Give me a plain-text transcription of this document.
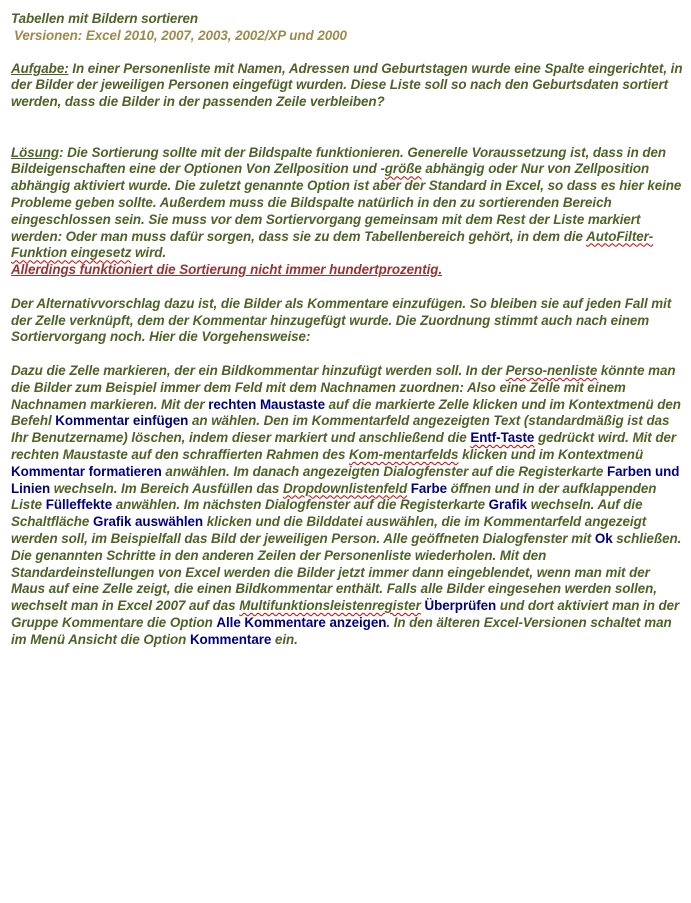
Tabellen mit Bildern sortieren
Versionen: Excel 2010, 2007, 2003, 2002/XP und 2000

Aufgabe: In einer Personenliste mit Namen, Adressen und Geburtstagen wurde eine Spalte eingerichtet, in der Bilder der jeweiligen Personen eingefügt wurden. Diese Liste soll so nach den Geburtsdaten sortiert werden, dass die Bilder in der passenden Zeile verbleiben?

Lösung: Die Sortierung sollte mit der Bildspalte funktionieren. Generelle Voraussetzung ist, dass in den Bildeigenschaften eine der Optionen Von Zellposition und -größe abhängig oder Nur von Zellposition abhängig aktiviert wurde. Die zuletzt genannte Option ist aber der Standard in Excel, so dass es hier keine Probleme geben sollte. Außerdem muss die Bildspalte natürlich in den zu sortierenden Bereich eingeschlossen sein. Sie muss vor dem Sortiervorgang gemeinsam mit dem Rest der Liste markiert werden: Oder man muss dafür sorgen, dass sie zu dem Tabellenbereich gehört, in dem die AutoFilter-Funktion eingesetz wird.
Allerdings funktioniert die Sortierung nicht immer hundertprozentig.

Der Alternativvorschlag dazu ist, die Bilder als Kommentare einzufügen. So bleiben sie auf jeden Fall mit der Zelle verknüpft, dem der Kommentar hinzugefügt wurde. Die Zuordnung stimmt auch nach einem Sortiervorgang noch. Hier die Vorgehensweise:

Dazu die Zelle markieren, der ein Bildkommentar hinzufügt werden soll. In der Perso-nenliste könnte man die Bilder zum Beispiel immer dem Feld mit dem Nachnamen zuordnen: Also eine Zelle mit einem Nachnamen markieren. Mit der rechten Maustaste auf die markierte Zelle klicken und im Kontextmenü den Befehl Kommentar einfügen an wählen. Den im Kommentarfeld angezeigten Text (standardmäßig ist das Ihr Benutzername) löschen, indem dieser markiert und anschließend die Entf-Taste gedrückt wird. Mit der rechten Maustaste auf den schraffierten Rahmen des Kom-mentarfelds klicken und im Kontextmenü Kommentar formatieren anwählen. Im danach angezeigten Dialogfenster auf die Registerkarte Farben und Linien wechseln. Im Bereich Ausfüllen das Dropdownlistenfeld Farbe öffnen und in der aufklappenden Liste Fülleffekte anwählen. Im nächsten Dialogfenster auf die Registerkarte Grafik wechseln. Auf die Schaltfläche Grafik auswählen klicken und die Bilddatei auswählen, die im Kommentarfeld angezeigt werden soll, im Beispielfall das Bild der jeweiligen Person. Alle geöffneten Dialogfenster mit Ok schließen. Die genannten Schritte in den anderen Zeilen der Personenliste wiederholen. Mit den Standardeinstellungen von Excel werden die Bilder jetzt immer dann eingeblendet, wenn man mit der Maus auf eine Zelle zeigt, die einen Bildkommentar enthält. Falls alle Bilder eingesehen werden sollen, wechselt man in Excel 2007 auf das Multifunktionsleistenregister Überprüfen und dort aktiviert man in der Gruppe Kommentare die Option Alle Kommentare anzeigen. In den älteren Excel-Versionen schaltet man im Menü Ansicht die Option Kommentare ein.
